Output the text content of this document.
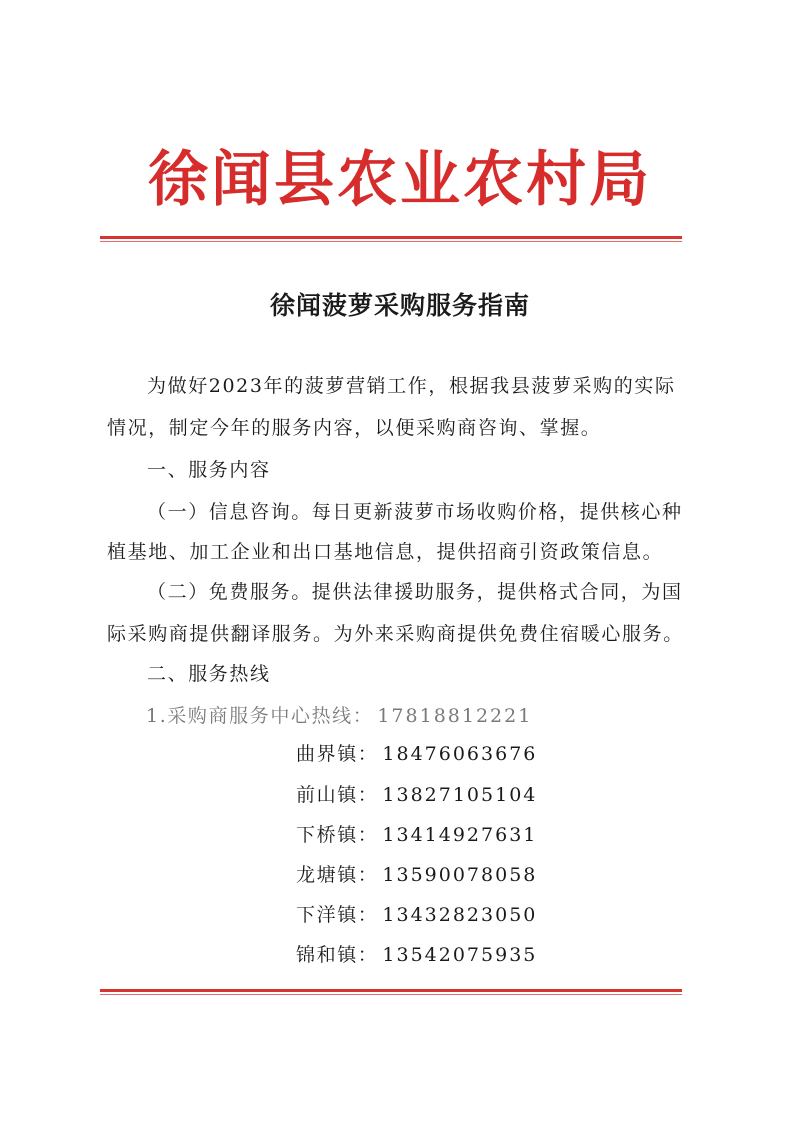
徐闻县农业农村局
徐闻菠萝采购服务指南
为做好2023年的菠萝营销工作，根据我县菠萝采购的实际
情况，制定今年的服务内容，以便采购商咨询、掌握。
一、服务内容
（一）信息咨询。每日更新菠萝市场收购价格，提供核心种
植基地、加工企业和出口基地信息，提供招商引资政策信息。
（二）免费服务。提供法律援助服务，提供格式合同，为国
际采购商提供翻译服务。为外来采购商提供免费住宿暖心服务。
二、服务热线
1.采购商服务中心热线： 17818812221
曲界镇： 18476063676
前山镇： 13827105104
下桥镇： 13414927631
龙塘镇： 13590078058
下洋镇： 13432823050
锦和镇： 13542075935
